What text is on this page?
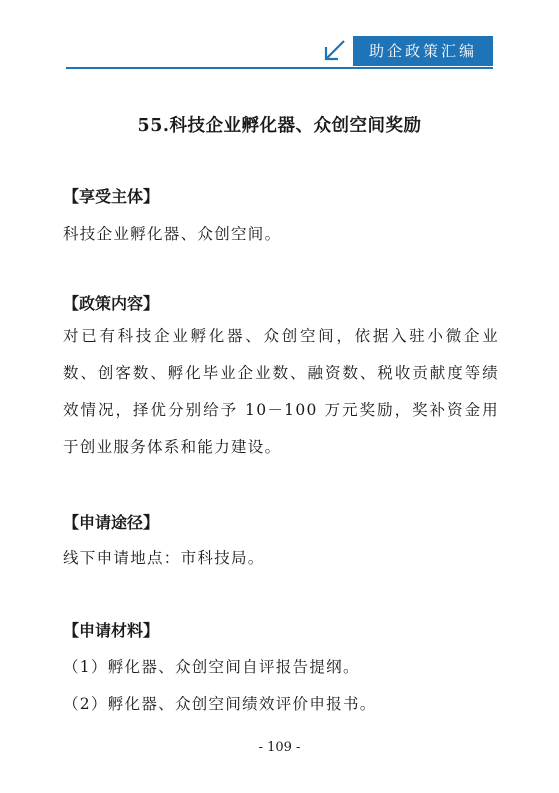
助企政策汇编
55.科技企业孵化器、众创空间奖励
【享受主体】
科技企业孵化器、众创空间。
【政策内容】
对已有科技企业孵化器、众创空间，依据入驻小微企业数、创客数、孵化毕业企业数、融资数、税收贡献度等绩效情况，择优分别给予 10－100 万元奖励，奖补资金用于创业服务体系和能力建设。
【申请途径】
线下申请地点：市科技局。
【申请材料】
（1）孵化器、众创空间自评报告提纲。
（2）孵化器、众创空间绩效评价申报书。
- 109 -
